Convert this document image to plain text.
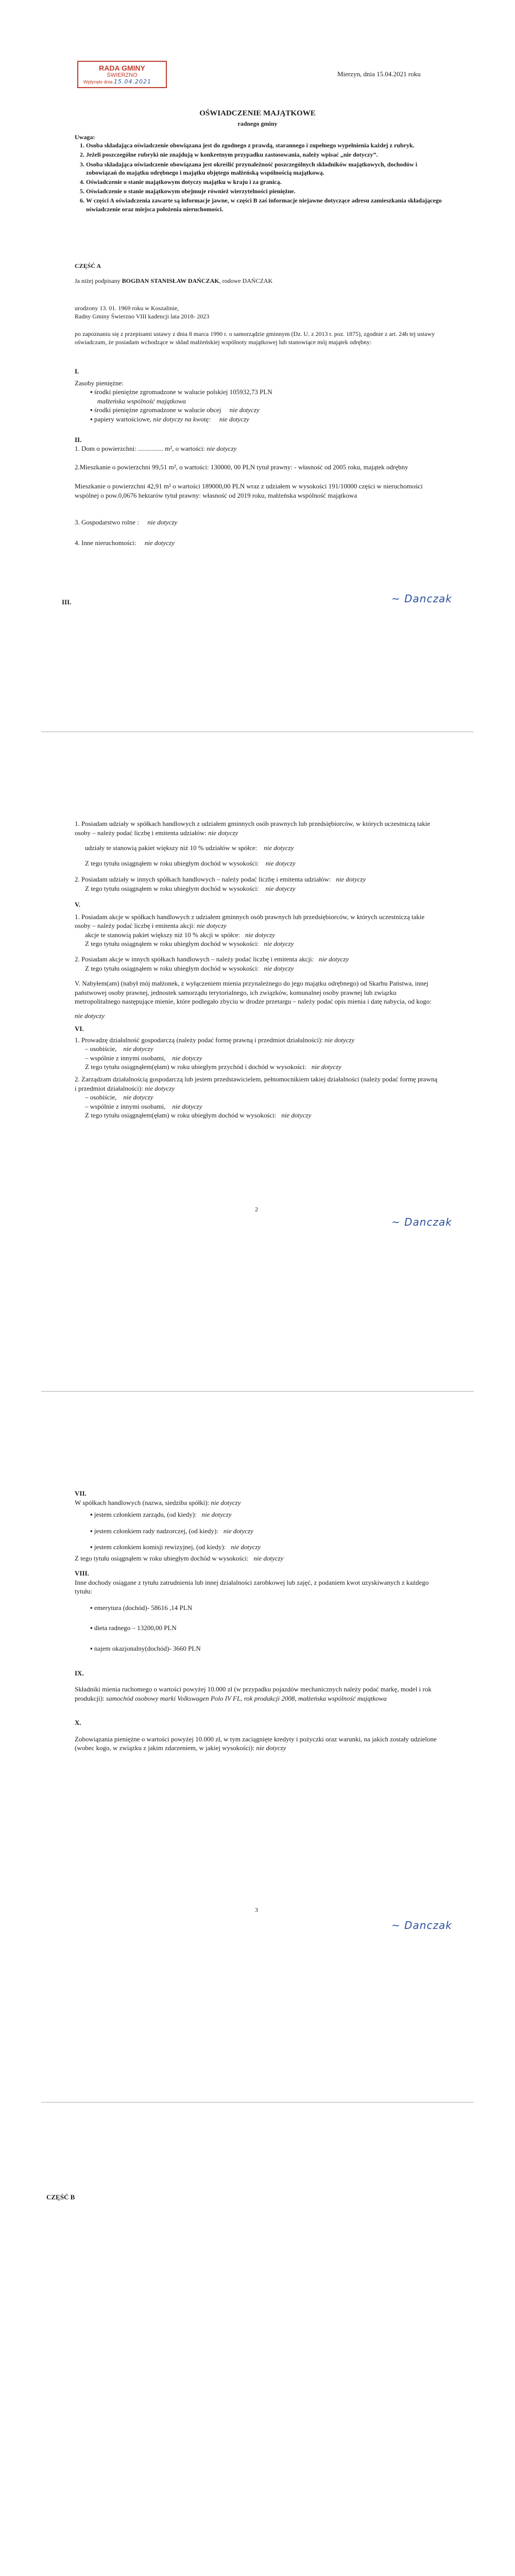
RADA GMINY
ŚWIERZNO
Wpłynęło dnia 15.04.2021
Mierzyn, dnia 15.04.2021 roku
OŚWIADCZENIE MAJĄTKOWE
radnego gminy
Uwaga:
1. Osoba składająca oświadczenie obowiązana jest do zgodnego z prawdą, starannego i zupełnego wypełnienia każdej z rubryk.
2. Jeżeli poszczególne rubryki nie znajdują w konkretnym przypadku zastosowania, należy wpisać „nie dotyczy”.
3. Osoba składająca oświadczenie obowiązana jest określić przynależność poszczególnych składników majątkowych, dochodów i zobowiązań do majątku odrębnego i majątku objętego małżeńską wspólnością majątkową.
4. Oświadczenie o stanie majątkowym dotyczy majątku w kraju i za granicą.
5. Oświadczenie o stanie majątkowym obejmuje również wierzytelności pieniężne.
6. W części A oświadczenia zawarte są informacje jawne, w części B zaś informacje niejawne dotyczące adresu zamieszkania składającego oświadczenie oraz miejsca położenia nieruchomości.
CZĘŚĆ A
Ja niżej podpisany BOGDAN STANISŁAW DAŃCZAK, rodowe DAŃCZAK
urodzony 13. 01. 1969 roku w Koszalinie,
Radny Gminy Świerzno VIII kadencji lata 2018- 2023
po zapoznaniu się z przepisami ustawy z dnia 8 marca 1990 r. o samorządzie gminnym (Dz. U. z 2013 r. poz. 1875), zgodnie z art. 24h tej ustawy oświadczam, że posiadam wchodzące w skład małżeńskiej wspólnoty majątkowej lub stanowiące mój majątek odrębny:
I.
Zasoby pieniężne:
▪ środki pieniężne zgromadzone w walucie polskiej 105932,73 PLN
małżeńska wspólność majątkowa
▪ środki pieniężne zgromadzone w walucie obcej nie dotyczy
▪ papiery wartościowe, nie dotyczy na kwotę: nie dotyczy
II.
1. Dom o powierzchni: ............... m², o wartości: nie dotyczy
2.Mieszkanie o powierzchni 99,51 m², o wartości: 130000, 00 PLN tytuł prawny: - własność od 2005 roku, majątek odrębny
Mieszkanie o powierzchni 42,91 m² o wartości 189000,00 PLN wraz z udziałem w wysokości 191/10000 części w nieruchomości wspólnej o pow.0,0676 hektarów tytuł prawny: własność od 2019 roku, małżeńska wspólność majątkowa
3. Gospodarstwo rolne : nie dotyczy
4. Inne nieruchomości: nie dotyczy
III.	~ Danczak
1. Posiadam udziały w spółkach handlowych z udziałem gminnych osób prawnych lub przedsiębiorców, w których uczestniczą takie osoby – należy podać liczbę i emitenta udziałów: nie dotyczy
udziały te stanowią pakiet większy niż 10 % udziałów w spółce: nie dotyczy
Z tego tytułu osiągnąłem w roku ubiegłym dochód w wysokości: nie dotyczy
2. Posiadam udziały w innych spółkach handlowych – należy podać liczbę i emitenta udziałów: nie dotyczy
Z tego tytułu osiągnąłem w roku ubiegłym dochód w wysokości: nie dotyczy
V.
1. Posiadam akcje w spółkach handlowych z udziałem gminnych osób prawnych lub przedsiębiorców, w których uczestniczą takie osoby – należy podać liczbę i emitenta akcji: nie dotyczy
akcje te stanowią pakiet większy niż 10 % akcji w spółce: nie dotyczy
Z tego tytułu osiągnąłem w roku ubiegłym dochód w wysokości: nie dotyczy
2. Posiadam akcje w innych spółkach handlowych – należy podać liczbę i emitenta akcji: nie dotyczy
Z tego tytułu osiągnąłem w roku ubiegłym dochód w wysokości: nie dotyczy
V. Nabyłem(am) (nabył mój małżonek, z wyłączeniem mienia przynależnego do jego majątku odrębnego) od Skarbu Państwa, innej państwowej osoby prawnej, jednostek samorządu terytorialnego, ich związków, komunalnej osoby prawnej lub związku metropolitalnego następujące mienie, które podlegało zbyciu w drodze przetargu – należy podać opis mienia i datę nabycia, od kogo:
nie dotyczy
VI.
1. Prowadzę działalność gospodarczą (należy podać formę prawną i przedmiot działalności): nie dotyczy
– osobiście, nie dotyczy
– wspólnie z innymi osobami, nie dotyczy
Z tego tytułu osiągnąłem(ęłam) w roku ubiegłym przychód i dochód w wysokości: nie dotyczy
2. Zarządzam działalnością gospodarczą lub jestem przedstawicielem, pełnomocnikiem takiej działalności (należy podać formę prawną i przedmiot działalności): nie dotyczy
– osobiście, nie dotyczy
– wspólnie z innymi osobami, nie dotyczy
Z tego tytułu osiągnąłem(ęłam) w roku ubiegłym dochód w wysokości: nie dotyczy
2
~ Danczak
VII.
W spółkach handlowych (nazwa, siedziba spółki): nie dotyczy
▪ jestem członkiem zarządu, (od kiedy): nie dotyczy
▪ jestem członkiem rady nadzorczej, (od kiedy): nie dotyczy
▪ jestem członkiem komisji rewizyjnej, (od kiedy): nie dotyczy
Z tego tytułu osiągnąłem w roku ubiegłym dochód w wysokości: nie dotyczy
VIII.
Inne dochody osiągane z tytułu zatrudnienia lub innej działalności zarobkowej lub zajęć, z podaniem kwot uzyskiwanych z każdego tytułu:
▪ emerytura (dochód)- 58616 ,14 PLN
▪ dieta radnego – 13200,00 PLN
▪ najem okazjonalny(dochód)- 3660 PLN
IX.
Składniki mienia ruchomego o wartości powyżej 10.000 zł (w przypadku pojazdów mechanicznych należy podać markę, model i rok produkcji): samochód osobowy marki Volkswagen Polo IV FL, rok produkcji 2008, małżeńska wspólność majątkowa
X.
Zobowiązania pieniężne o wartości powyżej 10.000 zł, w tym zaciągnięte kredyty i pożyczki oraz warunki, na jakich zostały udzielone (wobec kogo, w związku z jakim zdarzeniem, w jakiej wysokości): nie dotyczy
3
~ Danczak
CZĘŚĆ B
